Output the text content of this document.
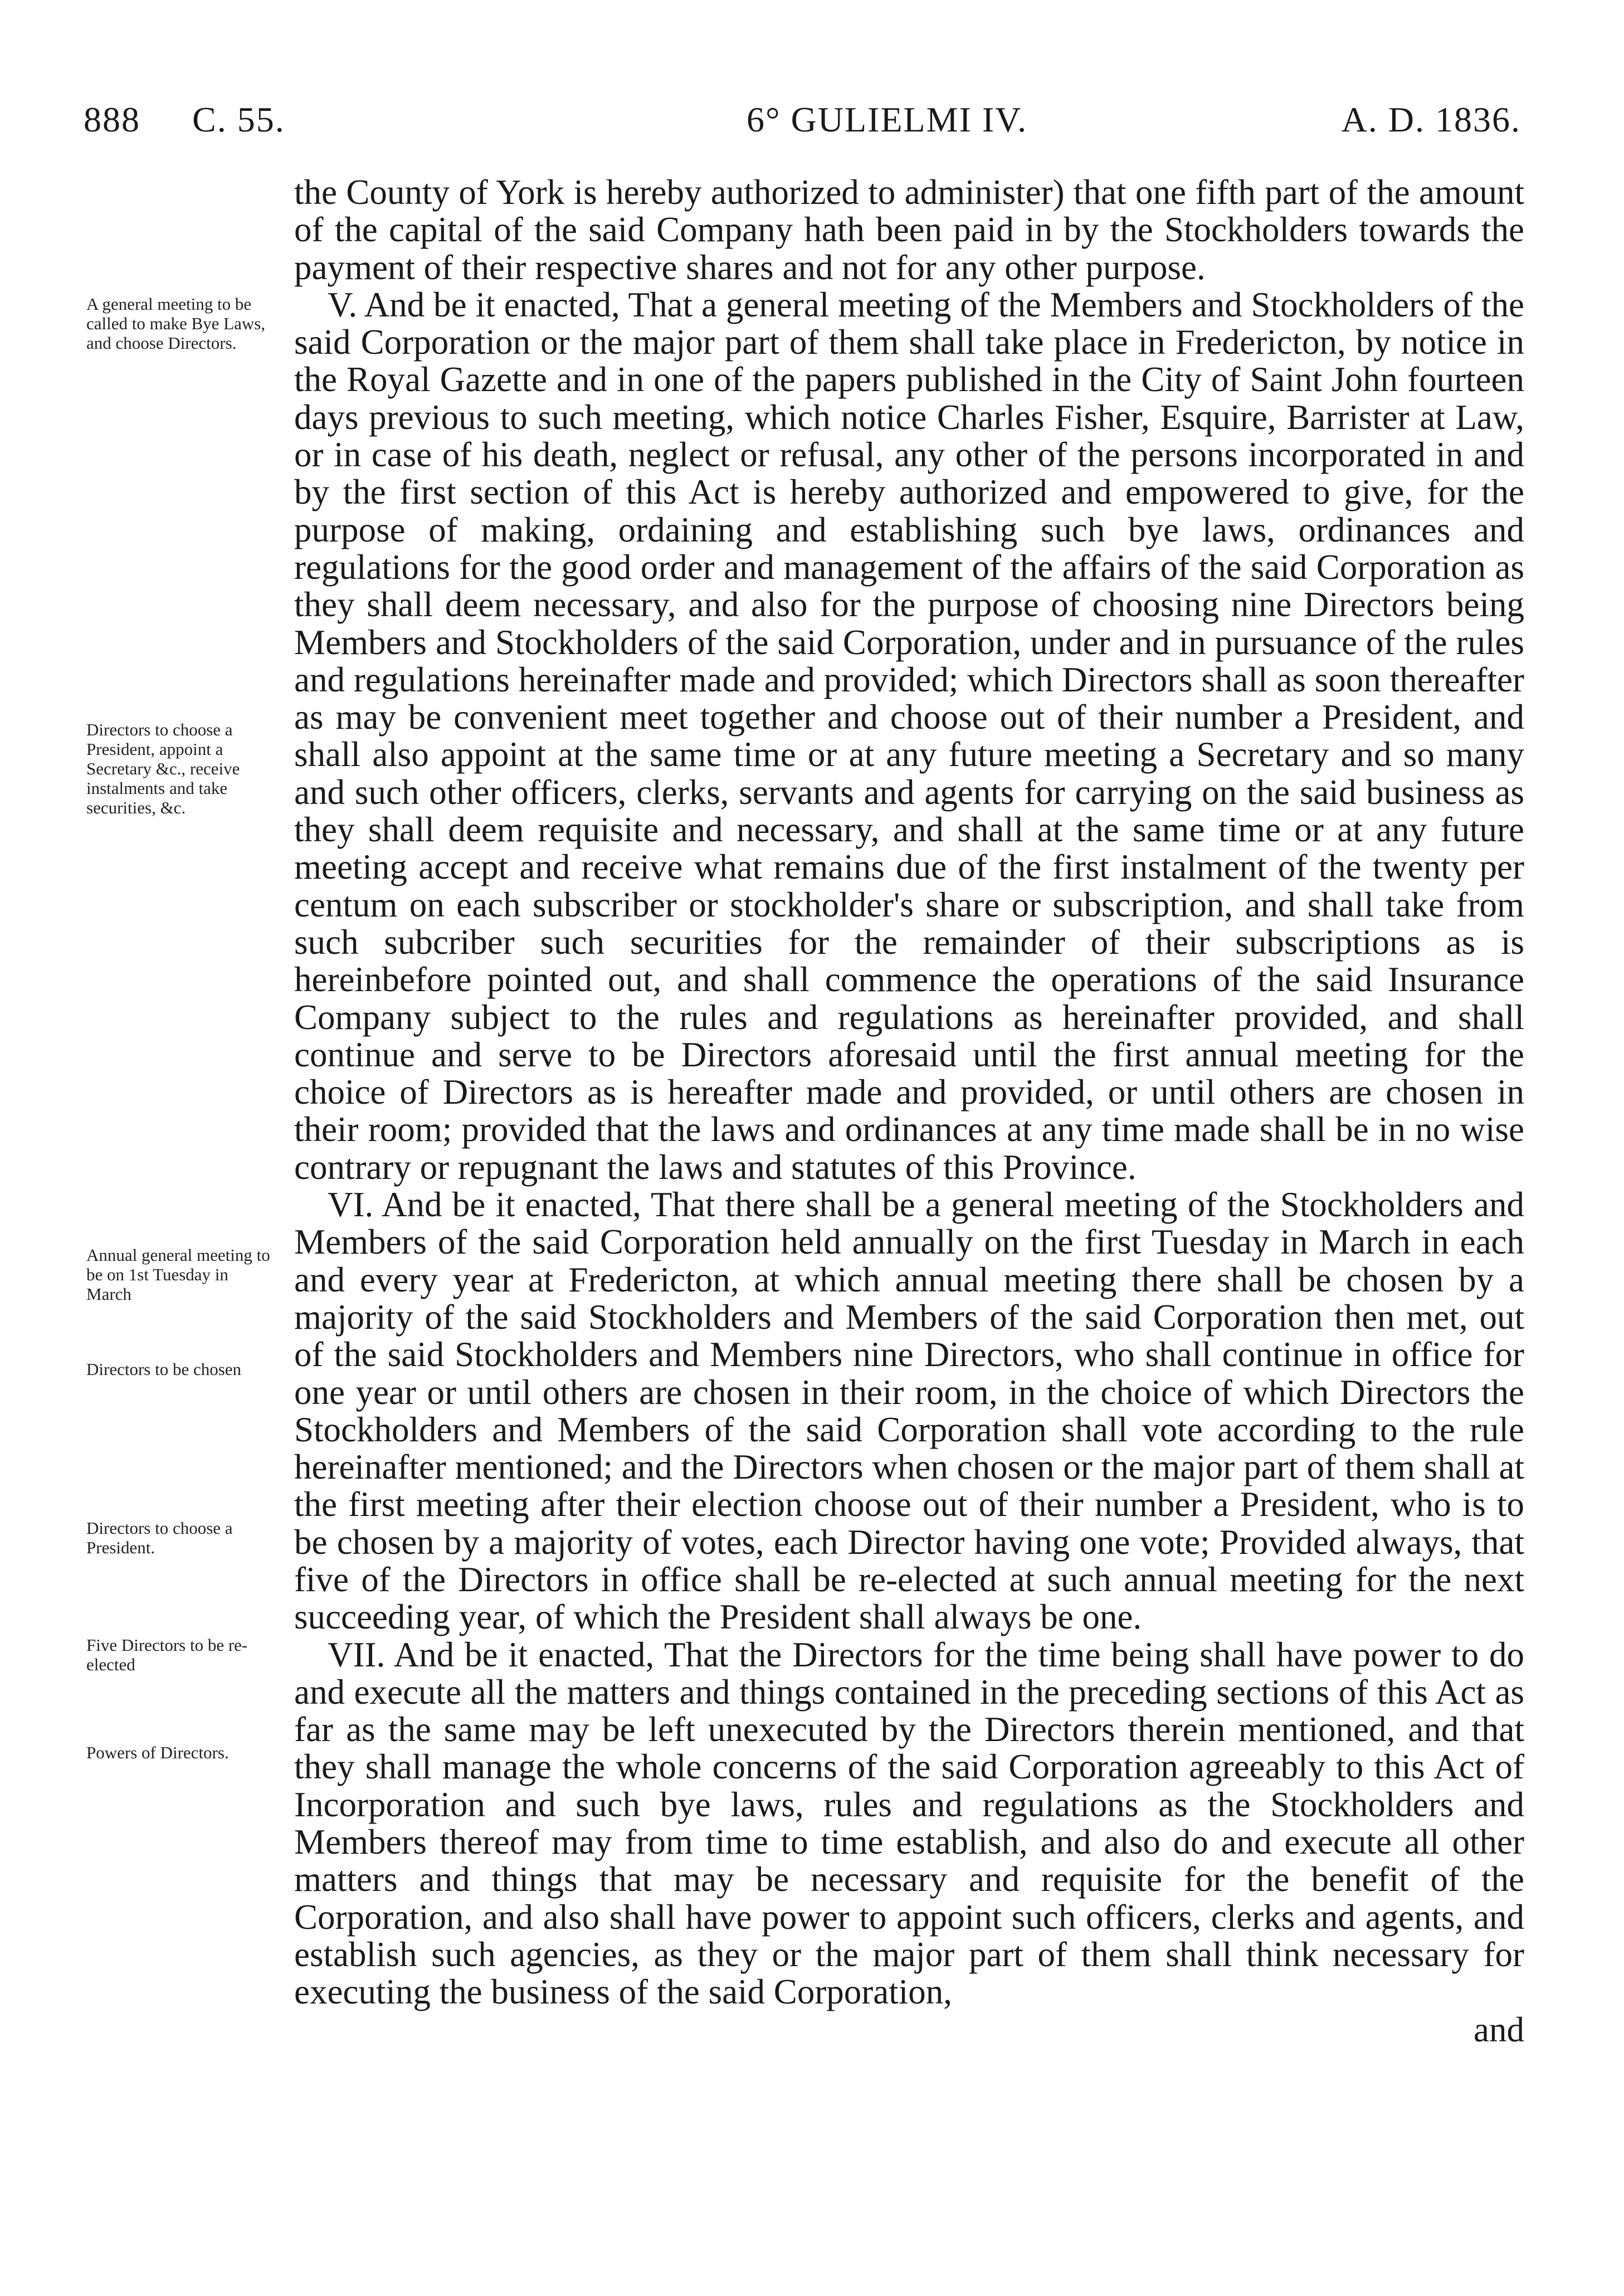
888 C. 55.	6° GULIELMI IV.	A. D. 1836.
A general meeting to be called to make Bye Laws, and choose Directors.
Directors to choose a President, appoint a Secretary &c., receive instalments and take securities, &c.
Annual general meeting to be on 1st Tuesday in March
Directors to be chosen
Directors to choose a President.
Five Directors to be re-elected
Powers of Directors.

the County of York is hereby authorized to administer) that one fifth part of the amount of the capital of the said Company hath been paid in by the Stockholders towards the payment of their respective shares and not for any other purpose.

V. And be it enacted, That a general meeting of the Members and Stockholders of the said Corporation or the major part of them shall take place in Fredericton, by notice in the Royal Gazette and in one of the papers published in the City of Saint John fourteen days previous to such meeting, which notice Charles Fisher, Esquire, Barrister at Law, or in case of his death, neglect or refusal, any other of the persons incorporated in and by the first section of this Act is hereby authorized and empowered to give, for the purpose of making, ordaining and establishing such bye laws, ordinances and regulations for the good order and management of the affairs of the said Corporation as they shall deem necessary, and also for the purpose of choosing nine Directors being Members and Stockholders of the said Corporation, under and in pursuance of the rules and regulations hereinafter made and provided; which Directors shall as soon thereafter as may be convenient meet together and choose out of their number a President, and shall also appoint at the same time or at any future meeting a Secretary and so many and such other officers, clerks, servants and agents for carrying on the said business as they shall deem requisite and necessary, and shall at the same time or at any future meeting accept and receive what remains due of the first instalment of the twenty per centum on each subscriber or stockholder's share or subscription, and shall take from such subcriber such securities for the remainder of their subscriptions as is hereinbefore pointed out, and shall commence the operations of the said Insurance Company subject to the rules and regulations as hereinafter provided, and shall continue and serve to be Directors aforesaid until the first annual meeting for the choice of Directors as is hereafter made and provided, or until others are chosen in their room; provided that the laws and ordinances at any time made shall be in no wise contrary or repugnant the laws and statutes of this Province.

VI. And be it enacted, That there shall be a general meeting of the Stockholders and Members of the said Corporation held annually on the first Tuesday in March in each and every year at Fredericton, at which annual meeting there shall be chosen by a majority of the said Stockholders and Members of the said Corporation then met, out of the said Stockholders and Members nine Directors, who shall continue in office for one year or until others are chosen in their room, in the choice of which Directors the Stockholders and Members of the said Corporation shall vote according to the rule hereinafter mentioned; and the Directors when chosen or the major part of them shall at the first meeting after their election choose out of their number a President, who is to be chosen by a majority of votes, each Director having one vote; Provided always, that five of the Directors in office shall be re-elected at such annual meeting for the next succeeding year, of which the President shall always be one.

VII. And be it enacted, That the Directors for the time being shall have power to do and execute all the matters and things contained in the preceding sections of this Act as far as the same may be left unexecuted by the Directors therein mentioned, and that they shall manage the whole concerns of the said Corporation agreeably to this Act of Incorporation and such bye laws, rules and regulations as the Stockholders and Members thereof may from time to time establish, and also do and execute all other matters and things that may be necessary and requisite for the benefit of the Corporation, and also shall have power to appoint such officers, clerks and agents, and establish such agencies, as they or the major part of them shall think necessary for executing the business of the said Corporation,

and
